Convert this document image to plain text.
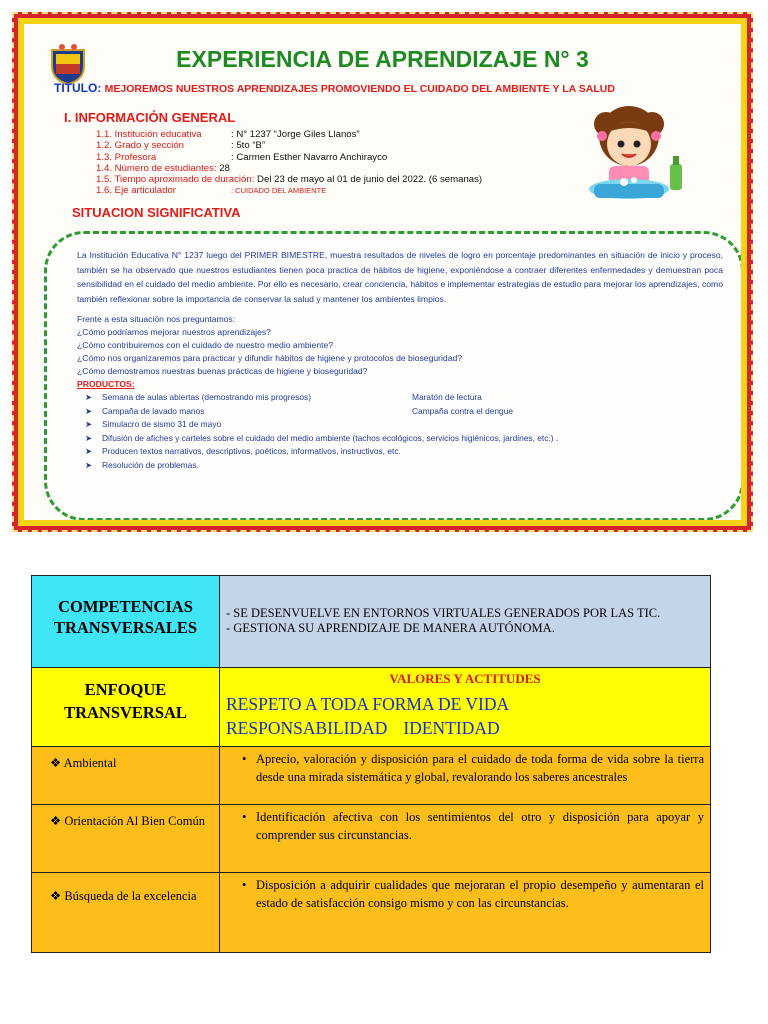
EXPERIENCIA DE APRENDIZAJE N° 3
TITULO: MEJOREMOS NUESTROS APRENDIZAJES PROMOVIENDO EL CUIDADO DEL AMBIENTE Y LA SALUD
I. INFORMACIÓN GENERAL
1.1. Institución educativa	: N° 1237 “Jorge Giles Llanos”
1.2. Grado y sección	: 5to “B”
1.3. Profesora	: Carmen Esther Navarro Anchirayco
1.4. Número de estudiantes: 28
1.5. Tiempo aproximado de duración: Del 23 de mayo al 01 de junio del 2022. (6 semanas)
1.6. Eje articulador	: CUIDADO DEL AMBIENTE
SITUACION SIGNIFICATIVA

La Institución Educativa N° 1237 luego del PRIMER BIMESTRE, muestra resultados de niveles de logro en porcentaje predominantes en situación de inicio y proceso, también se ha observado que nuestros estudiantes tienen poca practica de hábitos de higiene, exponiéndose a contraer diferentes enfermedades y demuestran poca sensibilidad en el cuidado del medio ambiente. Por ello es necesario, crear conciencia, hábitos e implementar estrategias de estudio para mejorar los aprendizajes, como también reflexionar sobre la importancia de conservar la salud y mantener los ambientes limpios.

Frente a esta situación nos preguntamos:
¿Cómo podríamos mejorar nuestros aprendizajes?
¿Cómo contribuiremos con el cuidado de nuestro medio ambiente?
¿Cómo nos organizaremos para practicar y difundir hábitos de higiene y protocolos de bioseguridad?
¿Cómo demostramos nuestras buenas prácticas de higiene y bioseguridad?
PRODUCTOS:
➤ Semana de aulas abiertas (demostrando mis progresos)	Maratón de lectura
➤ Campaña de lavado manos	Campaña contra el dengue
➤ Simulacro de sismo 31 de mayo
➤ Difusión de afiches y carteles sobre el cuidado del medio ambiente (tachos ecológicos, servicios higiénicos, jardines, etc.) .
➤ Producen textos narrativos, descriptivos, poéticos, informativos, instructivos, etc.
➤ Resolución de problemas.
COMPETENCIAS TRANSVERSALES	- SE DESENVUELVE EN ENTORNOS VIRTUALES GENERADOS POR LAS TIC.
- GESTIONA SU APRENDIZAJE DE MANERA AUTÓNOMA.

ENFOQUE TRANSVERSAL	VALORES Y ACTITUDES
RESPETO A TODA FORMA DE VIDA
RESPONSABILIDAD IDENTIDAD

❖ Ambiental	• Aprecio, valoración y disposición para el cuidado de toda forma de vida sobre la tierra desde una mirada sistemática y global, revalorando los saberes ancestrales
❖ Orientación Al Bien Común	• Identificación afectiva con los sentimientos del otro y disposición para apoyar y comprender sus circunstancias.
❖ Búsqueda de la excelencia	• Disposición a adquirir cualidades que mejoraran el propio desempeño y aumentaran el estado de satisfacción consigo mismo y con las circunstancias.
